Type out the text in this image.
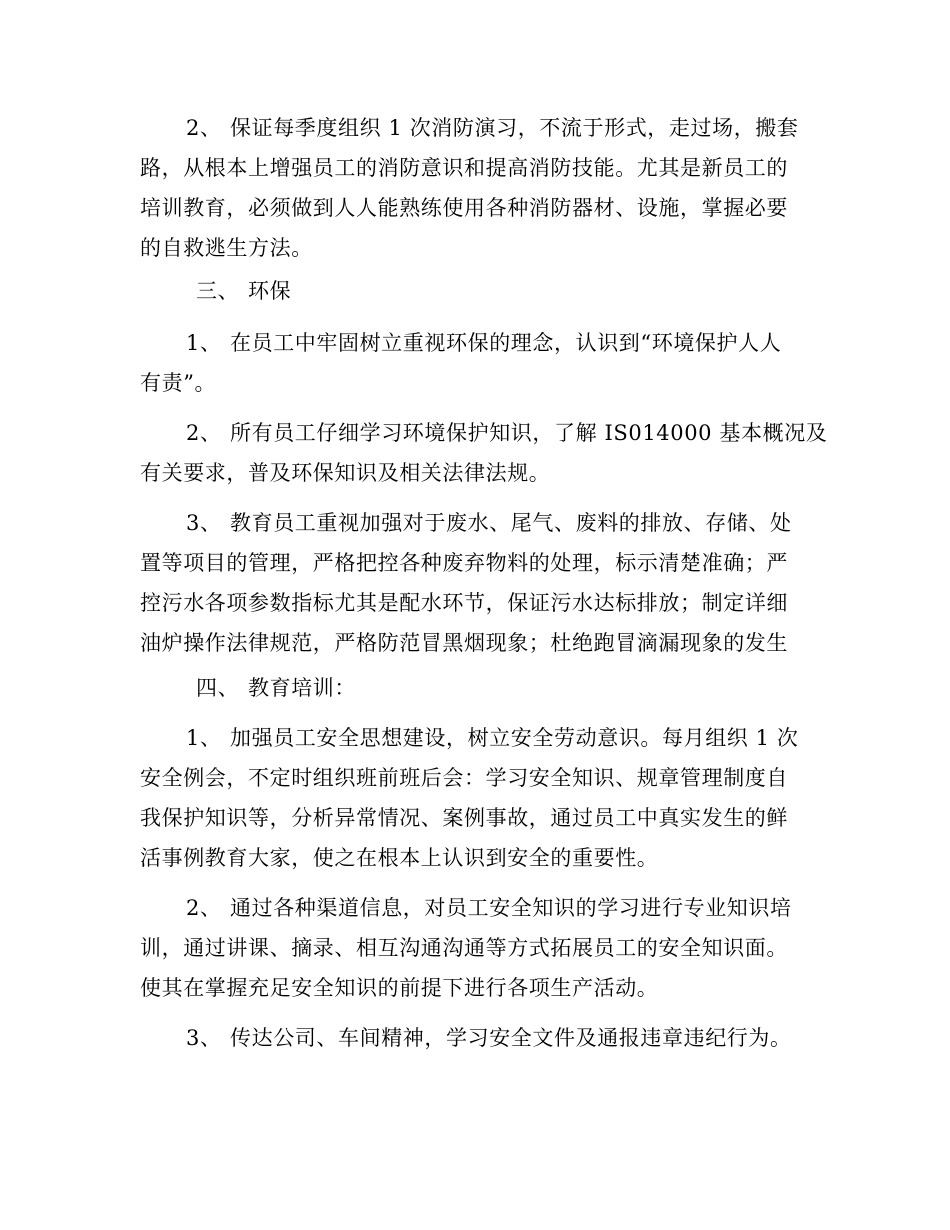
2、 保证每季度组织 1 次消防演习，不流于形式，走过场，搬套
路，从根本上增强员工的消防意识和提高消防技能。尤其是新员工的
培训教育，必须做到人人能熟练使用各种消防器材、设施，掌握必要
的自救逃生方法。
三、 环保
1、 在员工中牢固树立重视环保的理念，认识到“环境保护人人
有责”。
2、 所有员工仔细学习环境保护知识，了解 IS014000 基本概况及
有关要求，普及环保知识及相关法律法规。
3、 教育员工重视加强对于废水、尾气、废料的排放、存储、处
置等项目的管理，严格把控各种废弃物料的处理，标示清楚准确；严
控污水各项参数指标尤其是配水环节，保证污水达标排放；制定详细
油炉操作法律规范，严格防范冒黑烟现象；杜绝跑冒滴漏现象的发生
四、 教育培训：
1、 加强员工安全思想建设，树立安全劳动意识。每月组织 1 次
安全例会，不定时组织班前班后会：学习安全知识、规章管理制度自
我保护知识等，分析异常情况、案例事故，通过员工中真实发生的鲜
活事例教育大家，使之在根本上认识到安全的重要性。
2、 通过各种渠道信息，对员工安全知识的学习进行专业知识培
训，通过讲课、摘录、相互沟通沟通等方式拓展员工的安全知识面。
使其在掌握充足安全知识的前提下进行各项生产活动。
3、 传达公司、车间精神，学习安全文件及通报违章违纪行为。
